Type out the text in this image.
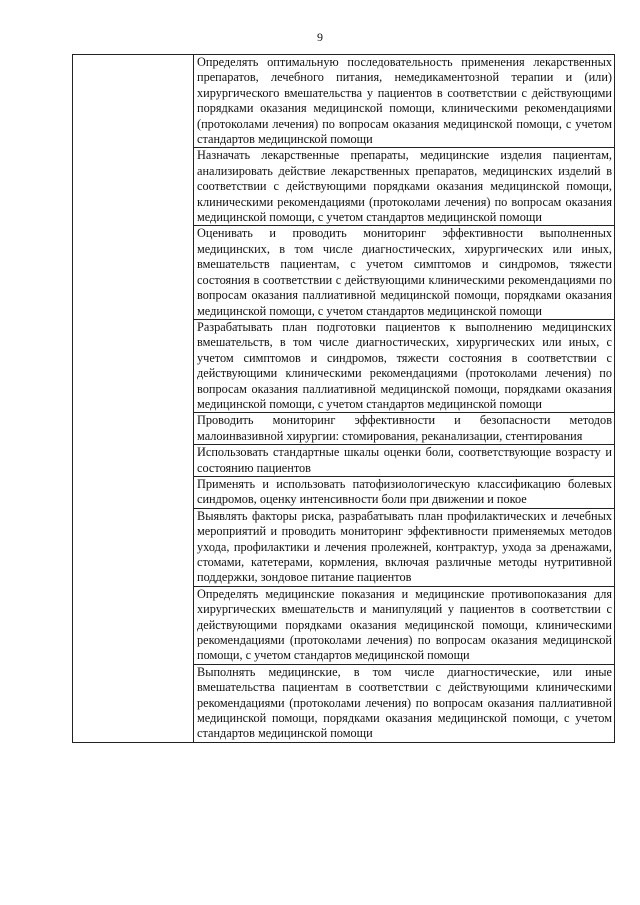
9

Определять оптимальную последовательность применения лекарственных препаратов, лечебного питания, немедикаментозной терапии и (или) хирургического вмешательства у пациентов в соответствии с действующими порядками оказания медицинской помощи, клиническими рекомендациями (протоколами лечения) по вопросам оказания медицинской помощи, с учетом стандартов медицинской помощи

Назначать лекарственные препараты, медицинские изделия пациентам, анализировать действие лекарственных препаратов, медицинских изделий в соответствии с действующими порядками оказания медицинской помощи, клиническими рекомендациями (протоколами лечения) по вопросам оказания медицинской помощи, с учетом стандартов медицинской помощи

Оценивать и проводить мониторинг эффективности выполненных медицинских, в том числе диагностических, хирургических или иных, вмешательств пациентам, с учетом симптомов и синдромов, тяжести состояния в соответствии с действующими клиническими рекомендациями по вопросам оказания паллиативной медицинской помощи, порядками оказания медицинской помощи, с учетом стандартов медицинской помощи

Разрабатывать план подготовки пациентов к выполнению медицинских вмешательств, в том числе диагностических, хирургических или иных, с учетом симптомов и синдромов, тяжести состояния в соответствии с действующими клиническими рекомендациями (протоколами лечения) по вопросам оказания паллиативной медицинской помощи, порядками оказания медицинской помощи, с учетом стандартов медицинской помощи

Проводить мониторинг эффективности и безопасности методов малоинвазивной хирургии: стомирования, реканализации, стентирования

Использовать стандартные шкалы оценки боли, соответствующие возрасту и состоянию пациентов

Применять и использовать патофизиологическую классификацию болевых синдромов, оценку интенсивности боли при движении и покое

Выявлять факторы риска, разрабатывать план профилактических и лечебных мероприятий и проводить мониторинг эффективности применяемых методов ухода, профилактики и лечения пролежней, контрактур, ухода за дренажами, стомами, катетерами, кормления, включая различные методы нутритивной поддержки, зондовое питание пациентов

Определять медицинские показания и медицинские противопоказания для хирургических вмешательств и манипуляций у пациентов в соответствии с действующими порядками оказания медицинской помощи, клиническими рекомендациями (протоколами лечения) по вопросам оказания медицинской помощи, с учетом стандартов медицинской помощи

Выполнять медицинские, в том числе диагностические, или иные вмешательства пациентам в соответствии с действующими клиническими рекомендациями (протоколами лечения) по вопросам оказания паллиативной медицинской помощи, порядками оказания медицинской помощи, с учетом стандартов медицинской помощи
